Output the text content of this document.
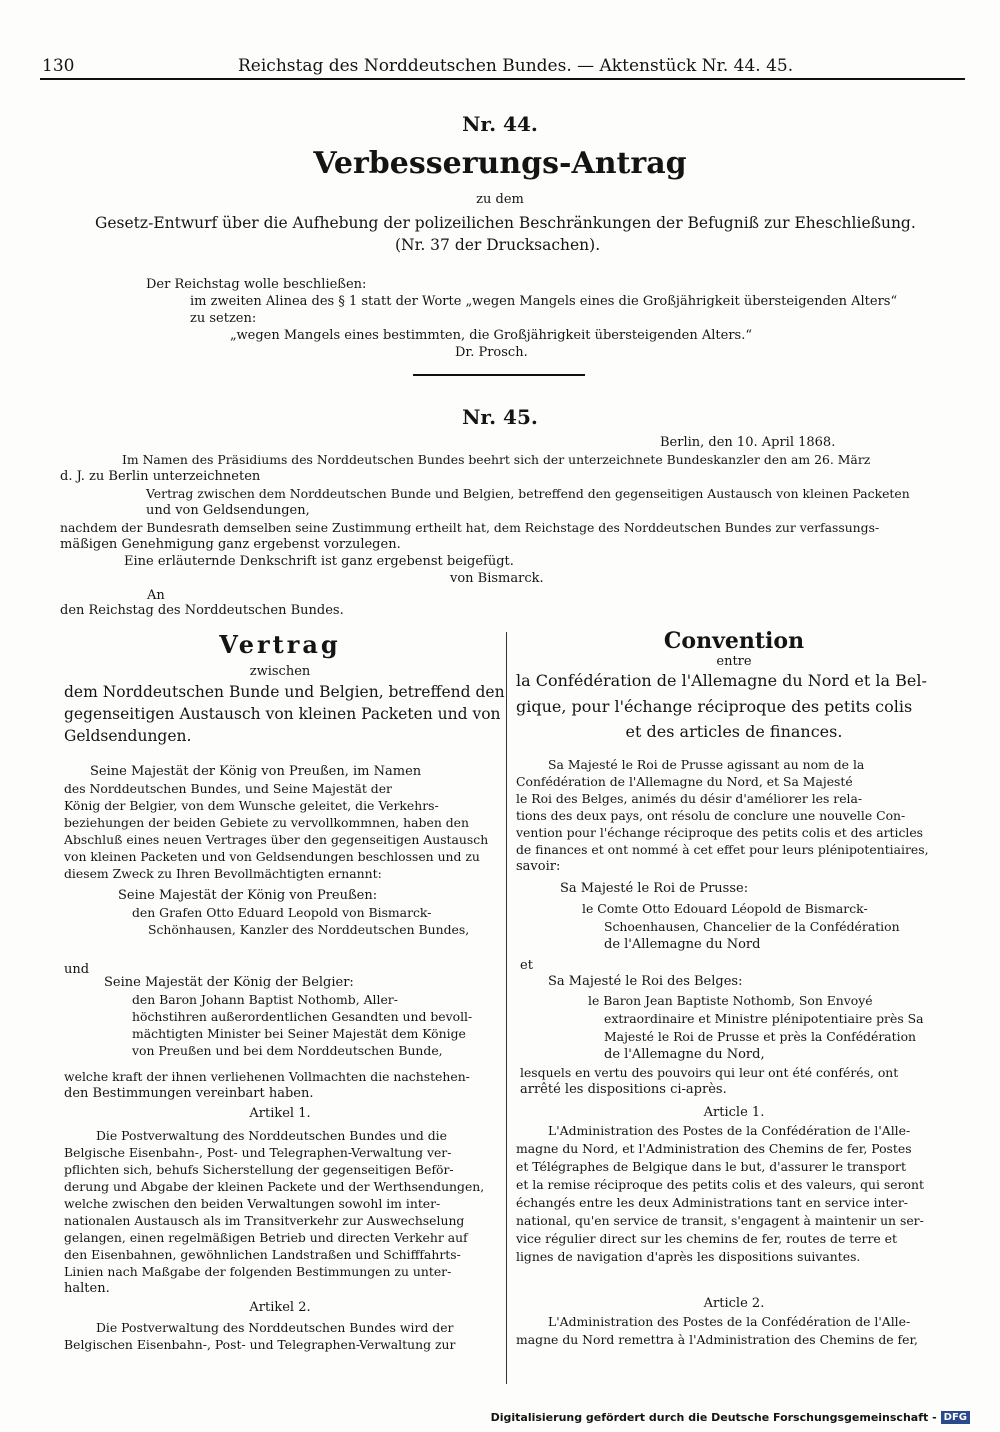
130	Reichstag des Norddeutschen Bundes. — Aktenstück Nr. 44. 45.
Nr. 44.
Verbesserungs-Antrag
zu dem
Gesetz-Entwurf über die Aufhebung der polizeilichen Beschränkungen der Befugniß zur Eheschließung.
(Nr. 37 der Drucksachen).
Der Reichstag wolle beschließen:
im zweiten Alinea des § 1 statt der Worte „wegen Mangels eines die Großjährigkeit übersteigenden Alters“
zu setzen:
„wegen Mangels eines bestimmten, die Großjährigkeit übersteigenden Alters.“
Dr. Prosch.
Nr. 45.
Berlin, den 10. April 1868.
Im Namen des Präsidiums des Norddeutschen Bundes beehrt sich der unterzeichnete Bundeskanzler den am 26. März
d. J. zu Berlin unterzeichneten
Vertrag zwischen dem Norddeutschen Bunde und Belgien, betreffend den gegenseitigen Austausch von kleinen Packeten
und von Geldsendungen,
nachdem der Bundesrath demselben seine Zustimmung ertheilt hat, dem Reichstage des Norddeutschen Bundes zur verfassungs-
mäßigen Genehmigung ganz ergebenst vorzulegen.
Eine erläuternde Denkschrift ist ganz ergebenst beigefügt.
von Bismarck.
An
den Reichstag des Norddeutschen Bundes.
Vertrag
zwischen
dem Norddeutschen Bunde und Belgien, betreffend den
gegenseitigen Austausch von kleinen Packeten und von
Geldsendungen.
Seine Majestät der König von Preußen, im Namen
des Norddeutschen Bundes, und Seine Majestät der
König der Belgier, von dem Wunsche geleitet, die Verkehrs-
beziehungen der beiden Gebiete zu vervollkommnen, haben den
Abschluß eines neuen Vertrages über den gegenseitigen Austausch
von kleinen Packeten und von Geldsendungen beschlossen und zu
diesem Zweck zu Ihren Bevollmächtigten ernannt:
Seine Majestät der König von Preußen:
den Grafen Otto Eduard Leopold von Bismarck-
Schönhausen, Kanzler des Norddeutschen Bundes,
und
Seine Majestät der König der Belgier:
den Baron Johann Baptist Nothomb, Aller-
höchstihren außerordentlichen Gesandten und bevoll-
mächtigten Minister bei Seiner Majestät dem Könige
von Preußen und bei dem Norddeutschen Bunde,
welche kraft der ihnen verliehenen Vollmachten die nachstehen-
den Bestimmungen vereinbart haben.
Artikel 1.
Die Postverwaltung des Norddeutschen Bundes und die
Belgische Eisenbahn-, Post- und Telegraphen-Verwaltung ver-
pflichten sich, behufs Sicherstellung der gegenseitigen Beför-
derung und Abgabe der kleinen Packete und der Werthsendungen,
welche zwischen den beiden Verwaltungen sowohl im inter-
nationalen Austausch als im Transitverkehr zur Auswechselung
gelangen, einen regelmäßigen Betrieb und directen Verkehr auf
den Eisenbahnen, gewöhnlichen Landstraßen und Schifffahrts-
Linien nach Maßgabe der folgenden Bestimmungen zu unter-
halten.
Artikel 2.
Die Postverwaltung des Norddeutschen Bundes wird der
Belgischen Eisenbahn-, Post- und Telegraphen-Verwaltung zur
Convention
entre
la Confédération de l'Allemagne du Nord et la Bel-
gique, pour l'échange réciproque des petits colis
et des articles de finances.
Sa Majesté le Roi de Prusse agissant au nom de la
Confédération de l'Allemagne du Nord, et Sa Majesté
le Roi des Belges, animés du désir d'améliorer les rela-
tions des deux pays, ont résolu de conclure une nouvelle Con-
vention pour l'échange réciproque des petits colis et des articles
de finances et ont nommé à cet effet pour leurs plénipotentiaires,
savoir:
Sa Majesté le Roi de Prusse:
le Comte Otto Edouard Léopold de Bismarck-
Schoenhausen, Chancelier de la Confédération
de l'Allemagne du Nord
et
Sa Majesté le Roi des Belges:
le Baron Jean Baptiste Nothomb, Son Envoyé
extraordinaire et Ministre plénipotentiaire près Sa
Majesté le Roi de Prusse et près la Confédération
de l'Allemagne du Nord,
lesquels en vertu des pouvoirs qui leur ont été conférés, ont
arrêté les dispositions ci-après.
Article 1.
L'Administration des Postes de la Confédération de l'Alle-
magne du Nord, et l'Administration des Chemins de fer, Postes
et Télégraphes de Belgique dans le but, d'assurer le transport
et la remise réciproque des petits colis et des valeurs, qui seront
échangés entre les deux Administrations tant en service inter-
national, qu'en service de transit, s'engagent à maintenir un ser-
vice régulier direct sur les chemins de fer, routes de terre et
lignes de navigation d'après les dispositions suivantes.
Article 2.
L'Administration des Postes de la Confédération de l'Alle-
magne du Nord remettra à l'Administration des Chemins de fer,
Digitalisierung gefördert durch die Deutsche Forschungsgemeinschaft - DFG
